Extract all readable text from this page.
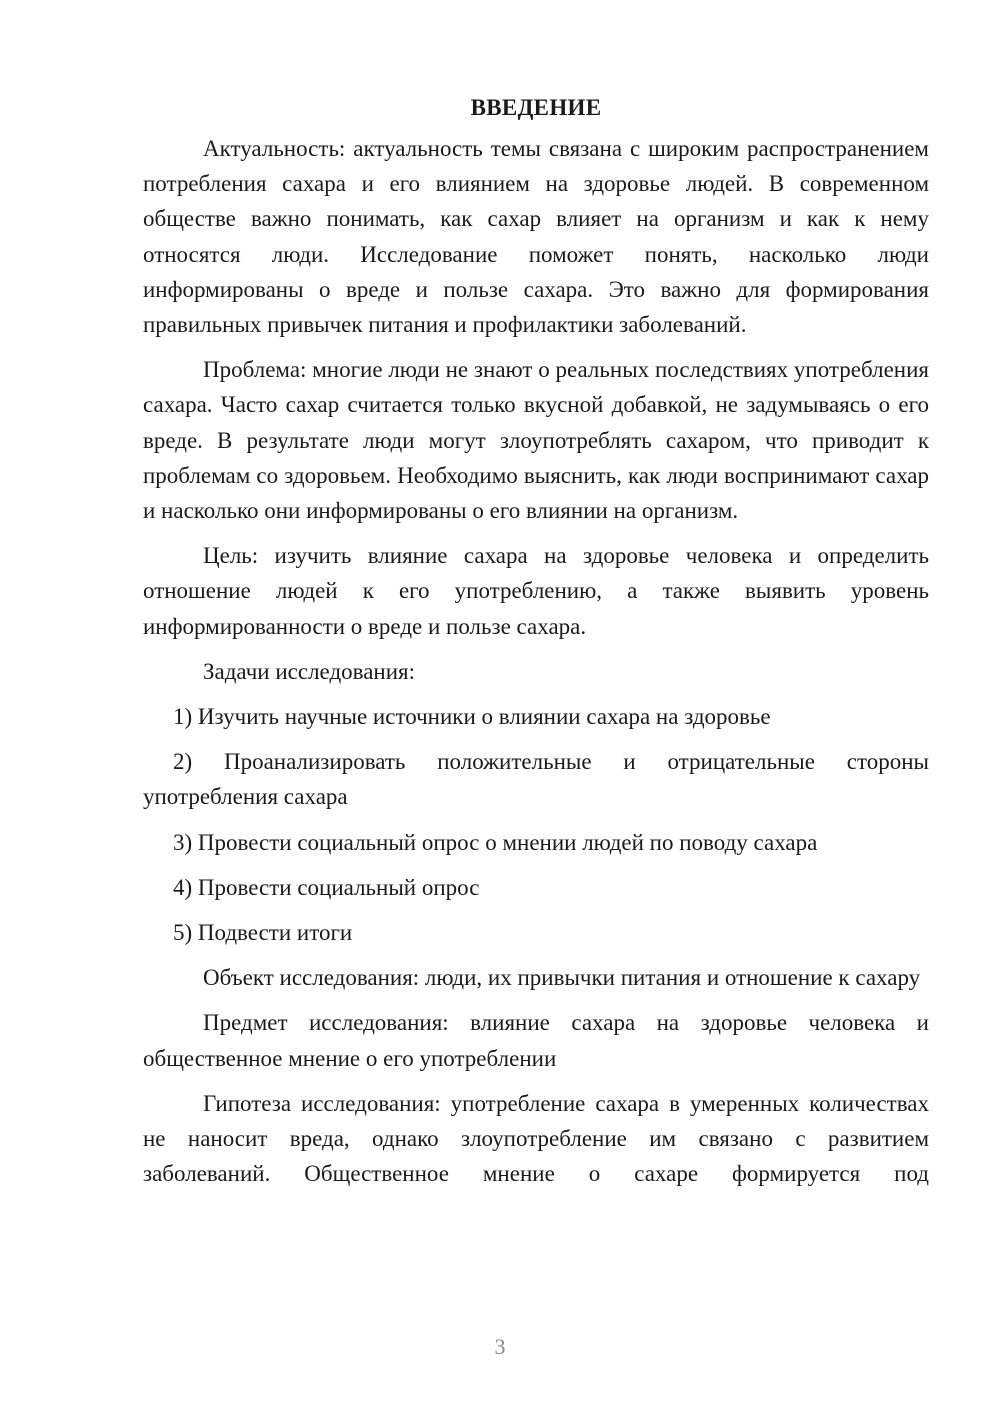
ВВЕДЕНИЕ

Актуальность: актуальность темы связана с широким распространением потребления сахара и его влиянием на здоровье людей. В современном обществе важно понимать, как сахар влияет на организм и как к нему относятся люди. Исследование поможет понять, насколько люди информированы о вреде и пользе сахара. Это важно для формирования правильных привычек питания и профилактики заболеваний.

Проблема: многие люди не знают о реальных последствиях употребления сахара. Часто сахар считается только вкусной добавкой, не задумываясь о его вреде. В результате люди могут злоупотреблять сахаром, что приводит к проблемам со здоровьем. Необходимо выяснить, как люди воспринимают сахар и насколько они информированы о его влиянии на организм.

Цель: изучить влияние сахара на здоровье человека и определить отношение людей к его употреблению, а также выявить уровень информированности о вреде и пользе сахара.

Задачи исследования:

1) Изучить научные источники о влиянии сахара на здоровье

2) Проанализировать положительные и отрицательные стороны употребления сахара

3) Провести социальный опрос о мнении людей по поводу сахара

4) Провести социальный опрос

5) Подвести итоги

Объект исследования: люди, их привычки питания и отношение к сахару

Предмет исследования: влияние сахара на здоровье человека и общественное мнение о его употреблении

Гипотеза исследования: употребление сахара в умеренных количествах не наносит вреда, однако злоупотребление им связано с развитием заболеваний. Общественное мнение о сахаре формируется под

3
